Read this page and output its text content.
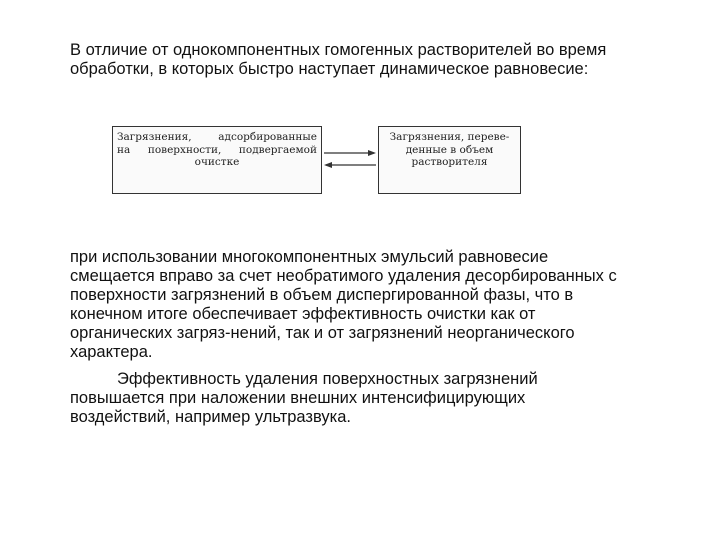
В отличие от однокомпонентных гомогенных растворителей во время
обработки, в которых быстро наступает динамическое равновесие:

Загрязнения, адсорбированные
на поверхности, подвергаемой
очистке
Загрязнения, переве-
денные в объем
растворителя

при использовании многокомпонентных эмульсий равновесие
смещается вправо за счет необратимого удаления десорбированных с
поверхности загрязнений в объем диспергированной фазы, что в
конечном итоге обеспечивает эффективность очистки как от
органических загряз-нений, так и от загрязнений неорганического
характера.

Эффективность удаления поверхностных загрязнений
повышается при наложении внешних интенсифицирующих
воздействий, например ультразвука.
